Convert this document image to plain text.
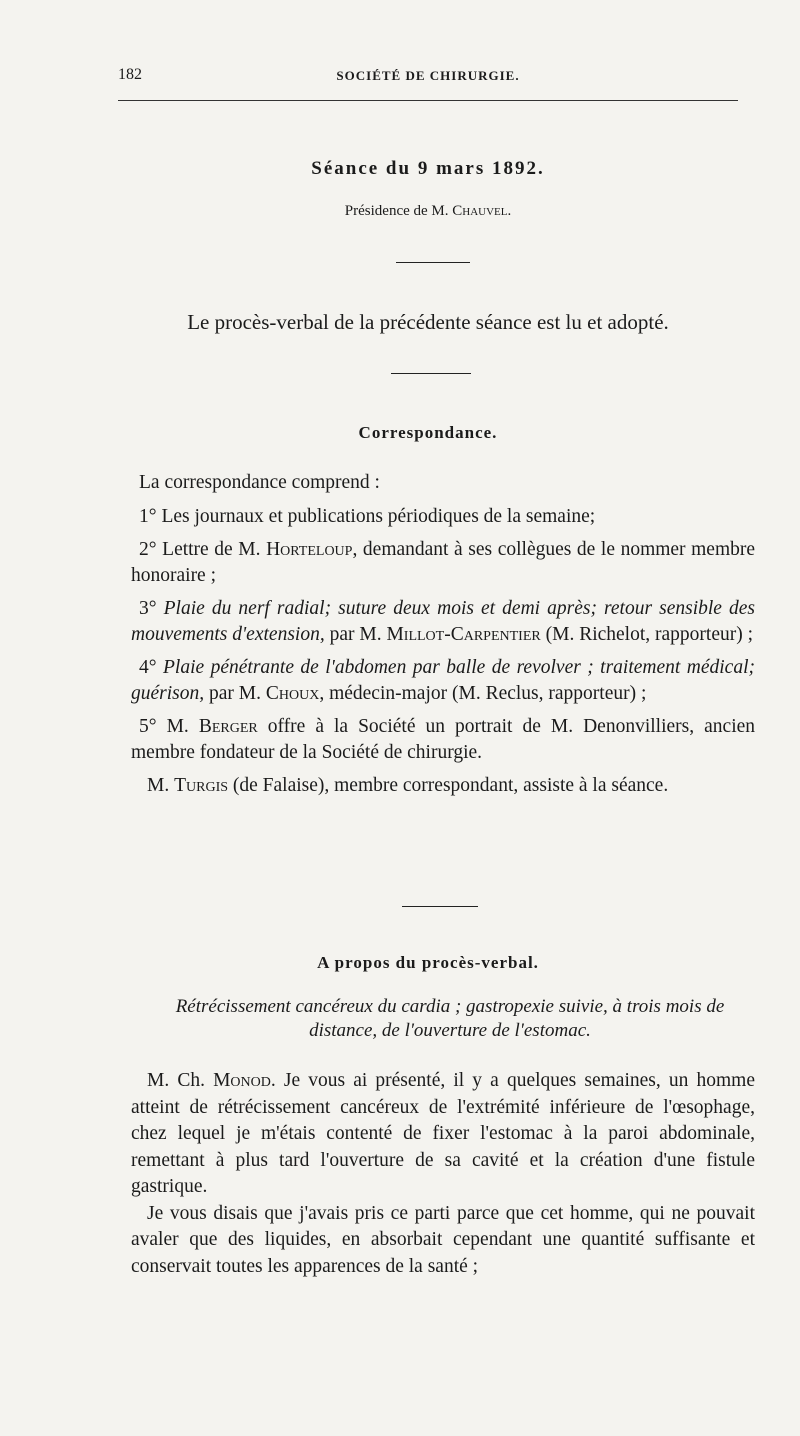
182	SOCIÉTÉ DE CHIRURGIE.
Séance du 9 mars 1892.
Présidence de M. Chauvel.
Le procès-verbal de la précédente séance est lu et adopté.
Correspondance.

La correspondance comprend :

1° Les journaux et publications périodiques de la semaine;

2° Lettre de M. Horteloup, demandant à ses collègues de le nommer membre honoraire ;

3° Plaie du nerf radial; suture deux mois et demi après; retour sensible des mouvements d'extension, par M. Millot-Carpentier (M. Richelot, rapporteur) ;

4° Plaie pénétrante de l'abdomen par balle de revolver ; traitement médical; guérison, par M. Choux, médecin-major (M. Reclus, rapporteur) ;

5° M. Berger offre à la Société un portrait de M. Denonvilliers, ancien membre fondateur de la Société de chirurgie.

M. Turgis (de Falaise), membre correspondant, assiste à la séance.

A propos du procès-verbal.
Rétrécissement cancéreux du cardia ; gastropexie suivie, à trois mois de distance, de l'ouverture de l'estomac.

M. Ch. Monod. Je vous ai présenté, il y a quelques semaines, un homme atteint de rétrécissement cancéreux de l'extrémité inférieure de l'œsophage, chez lequel je m'étais contenté de fixer l'estomac à la paroi abdominale, remettant à plus tard l'ouverture de sa cavité et la création d'une fistule gastrique.

Je vous disais que j'avais pris ce parti parce que cet homme, qui ne pouvait avaler que des liquides, en absorbait cependant une quantité suffisante et conservait toutes les apparences de la santé ;
